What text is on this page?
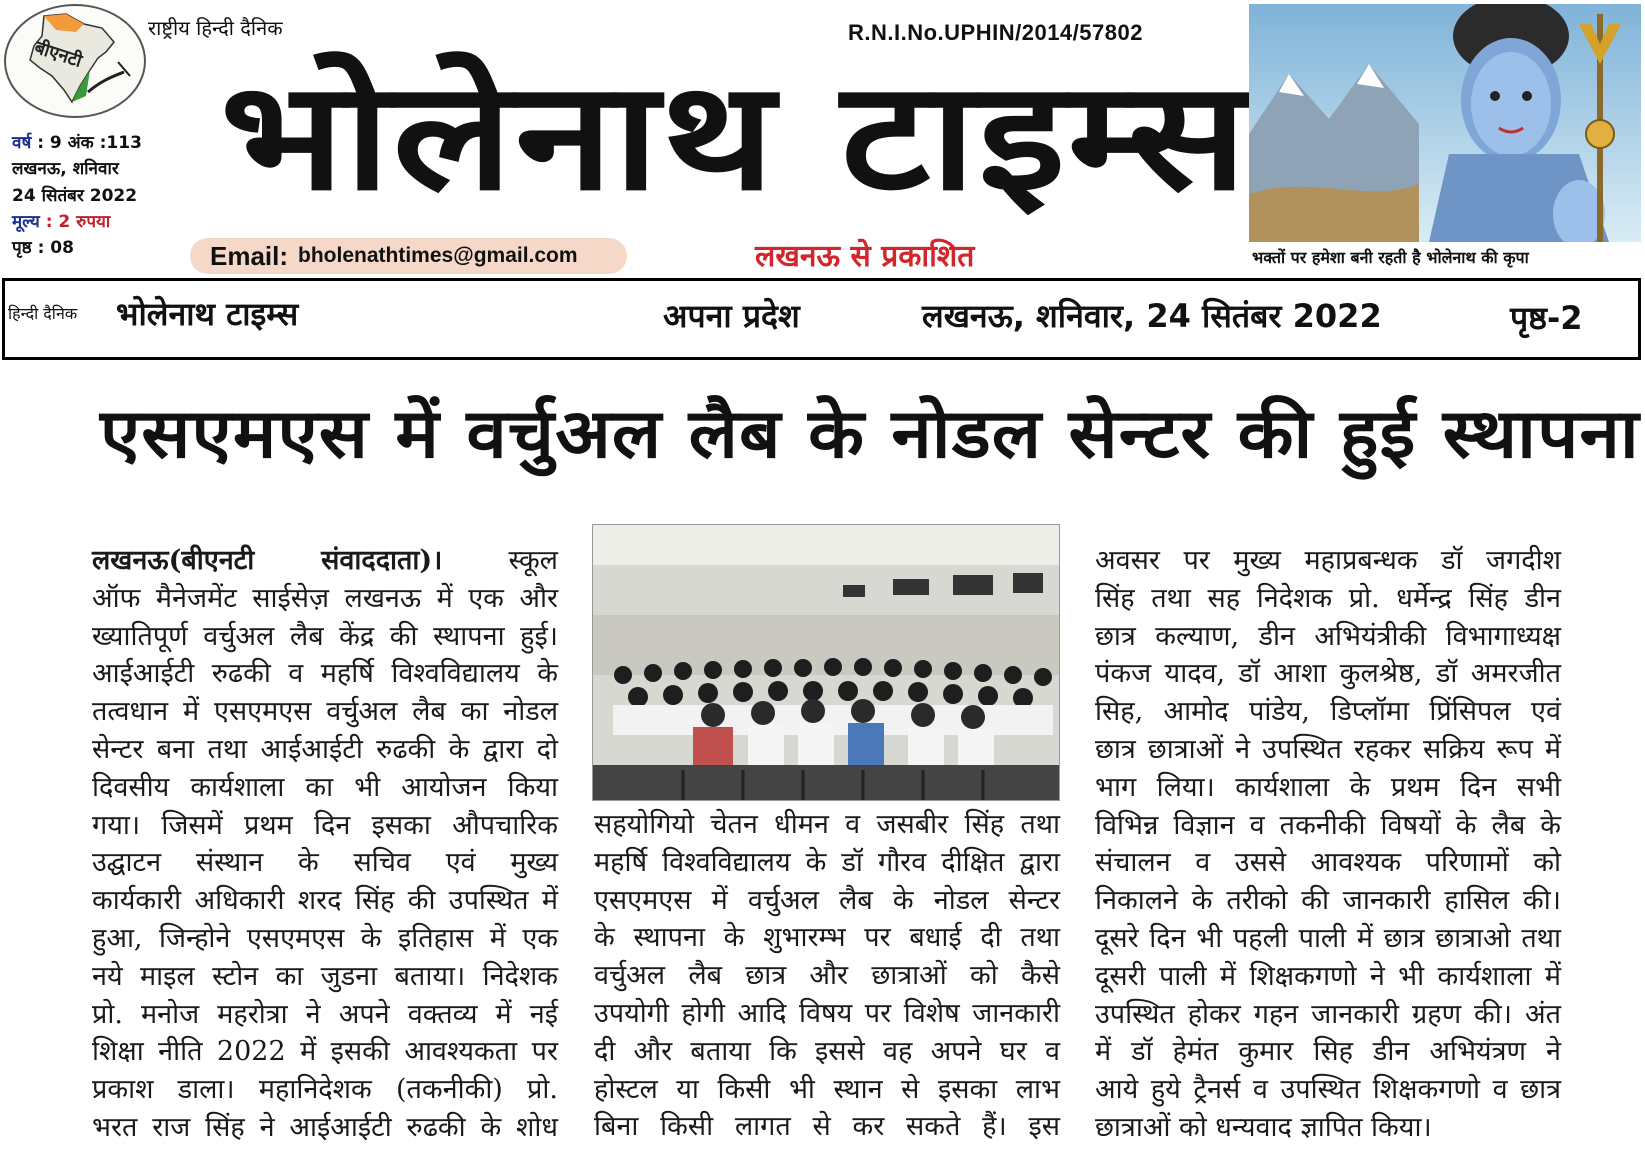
बीएनटी
राष्ट्रीय हिन्दी दैनिक
वर्ष : 9 अंक :113
लखनऊ, शनिवार
24 सितंबर 2022
मूल्य : 2 रुपया
पृष्ठ : 08
R.N.I.No.UPHIN/2014/57802
भोलेनाथ टाइम्स
Email: bholenathtimes@gmail.com	लखनऊ से प्रकाशित	भक्तों पर हमेशा बनी रहती है भोलेनाथ की कृपा
हिन्दी दैनिक भोलेनाथ टाइम्स	अपना प्रदेश	लखनऊ, शनिवार, 24 सितंबर 2022	पृष्ठ-2
एसएमएस में वर्चुअल लैब के नोडल सेन्टर की हुई स्थापना
लखनऊ(बीएनटी संवाददाता)। स्कूल
ऑफ मैनेजमेंट साईसेज़ लखनऊ में एक और
ख्यातिपूर्ण वर्चुअल लैब केंद्र की स्थापना हुई।
आईआईटी रुढकी व महर्षि विश्वविद्यालय के
तत्वधान में एसएमएस वर्चुअल लैब का नोडल
सेन्टर बना तथा आईआईटी रुढकी के द्वारा दो
दिवसीय कार्यशाला का भी आयोजन किया
गया। जिसमें प्रथम दिन इसका औपचारिक
उद्घाटन संस्थान के सचिव एवं मुख्य
कार्यकारी अधिकारी शरद सिंह की उपस्थित में
हुआ, जिन्होने एसएमएस के इतिहास में एक
नये माइल स्टोन का जुडना बताया। निदेशक
प्रो. मनोज महरोत्रा ने अपने वक्तव्य में नई
शिक्षा नीति 2022 में इसकी आवश्यकता पर
प्रकाश डाला। महानिदेशक (तकनीकी) प्रो.
भरत राज सिंह ने आईआईटी रुढकी के शोध
सहयोगियो चेतन धीमन व जसबीर सिंह तथा
महर्षि विश्वविद्यालय के डॉ गौरव दीक्षित द्वारा
एसएमएस में वर्चुअल लैब के नोडल सेन्टर
के स्थापना के शुभारम्भ पर बधाई दी तथा
वर्चुअल लैब छात्र और छात्राओं को कैसे
उपयोगी होगी आदि विषय पर विशेष जानकारी
दी और बताया कि इससे वह अपने घर व
होस्टल या किसी भी स्थान से इसका लाभ
बिना किसी लागत से कर सकते हैं। इस
अवसर पर मुख्य महाप्रबन्धक डॉ जगदीश
सिंह तथा सह निदेशक प्रो. धर्मेन्द्र सिंह डीन
छात्र कल्याण, डीन अभियंत्रीकी विभागाध्यक्ष
पंकज यादव, डॉ आशा कुलश्रेष्ठ, डॉ अमरजीत
सिह, आमोद पांडेय, डिप्लॉमा प्रिंसिपल एवं
छात्र छात्राओं ने उपस्थित रहकर सक्रिय रूप में
भाग लिया। कार्यशाला के प्रथम दिन सभी
विभिन्न विज्ञान व तकनीकी विषयों के लैब के
संचालन व उससे आवश्यक परिणामों को
निकालने के तरीको की जानकारी हासिल की।
दूसरे दिन भी पहली पाली में छात्र छात्राओ तथा
दूसरी पाली में शिक्षकगणो ने भी कार्यशाला में
उपस्थित होकर गहन जानकारी ग्रहण की। अंत
में डॉ हेमंत कुमार सिह डीन अभियंत्रण ने
आये हुये ट्रैनर्स व उपस्थित शिक्षकगणो व छात्र
छात्राओं को धन्यवाद ज्ञापित किया।
